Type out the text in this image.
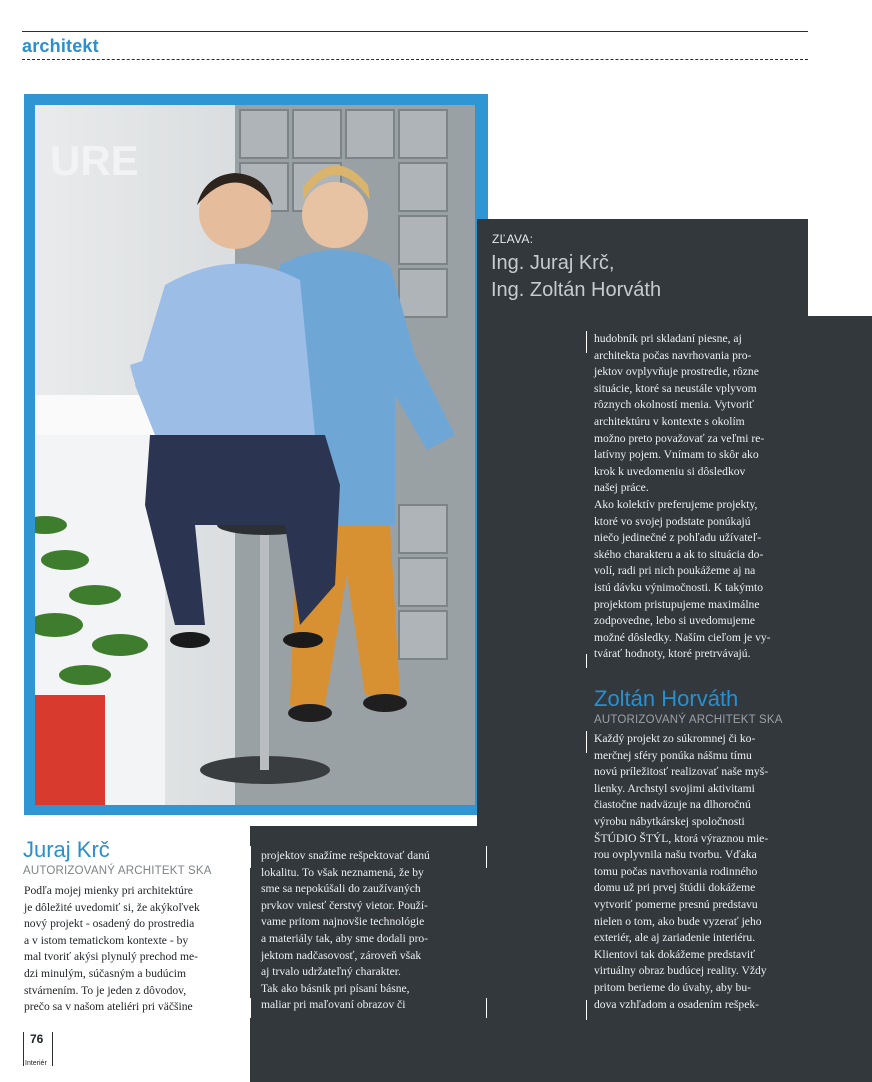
architekt
URE
ZĽAVA:
Ing. Juraj Krč,
Ing. Zoltán Horváth
hudobník pri skladaní piesne, aj
architekta počas navrhovania pro-
jektov ovplyvňuje prostredie, rôzne
situácie, ktoré sa neustále vplyvom
rôznych okolností menia. Vytvoriť
architektúru v kontexte s okolím
možno preto považovať za veľmi re-
latívny pojem. Vnímam to skôr ako
krok k uvedomeniu si dôsledkov
našej práce.
Ako kolektív preferujeme projekty,
ktoré vo svojej podstate ponúkajú
niečo jedinečné z pohľadu užívateľ-
ského charakteru a ak to situácia do-
volí, radi pri nich poukážeme aj na
istú dávku výnimočnosti. K takýmto
projektom pristupujeme maximálne
zodpovedne, lebo si uvedomujeme
možné dôsledky. Naším cieľom je vy-
tvárať hodnoty, ktoré pretrvávajú.
Zoltán Horváth
AUTORIZOVANÝ ARCHITEKT SKA
Každý projekt zo súkromnej či ko-
merčnej sféry ponúka nášmu tímu
novú príležitosť realizovať naše myš-
lienky. Archstyl svojimi aktivitami
čiastočne nadväzuje na dlhoročnú
výrobu nábytkárskej spoločnosti
ŠTÚDIO ŠTÝL, ktorá výraznou mie-
rou ovplyvnila našu tvorbu. Vďaka
tomu počas navrhovania rodinného
domu už pri prvej štúdii dokážeme
vytvoriť pomerne presnú predstavu
nielen o tom, ako bude vyzerať jeho
exteriér, ale aj zariadenie interiéru.
Klientovi tak dokážeme predstaviť
virtuálny obraz budúcej reality. Vždy
pritom berieme do úvahy, aby bu-
dova vzhľadom a osadením rešpek-
projektov snažíme rešpektovať danú
lokalitu. To však neznamená, že by
sme sa nepokúšali do zaužívaných
prvkov vniesť čerstvý vietor. Použí-
vame pritom najnovšie technológie
a materiály tak, aby sme dodali pro-
jektom nadčasovosť, zároveň však
aj trvalo udržateľný charakter.
Tak ako básnik pri písaní básne,
maliar pri maľovaní obrazov či
Juraj Krč
AUTORIZOVANÝ ARCHITEKT SKA
Podľa mojej mienky pri architektúre
je dôležité uvedomiť si, že akýkoľvek
nový projekt - osadený do prostredia
a v istom tematickom kontexte - by
mal tvoriť akýsi plynulý prechod me-
dzi minulým, súčasným a budúcim
stvárnením. To je jeden z dôvodov,
prečo sa v našom ateliéri pri väčšine
76
Interiér
